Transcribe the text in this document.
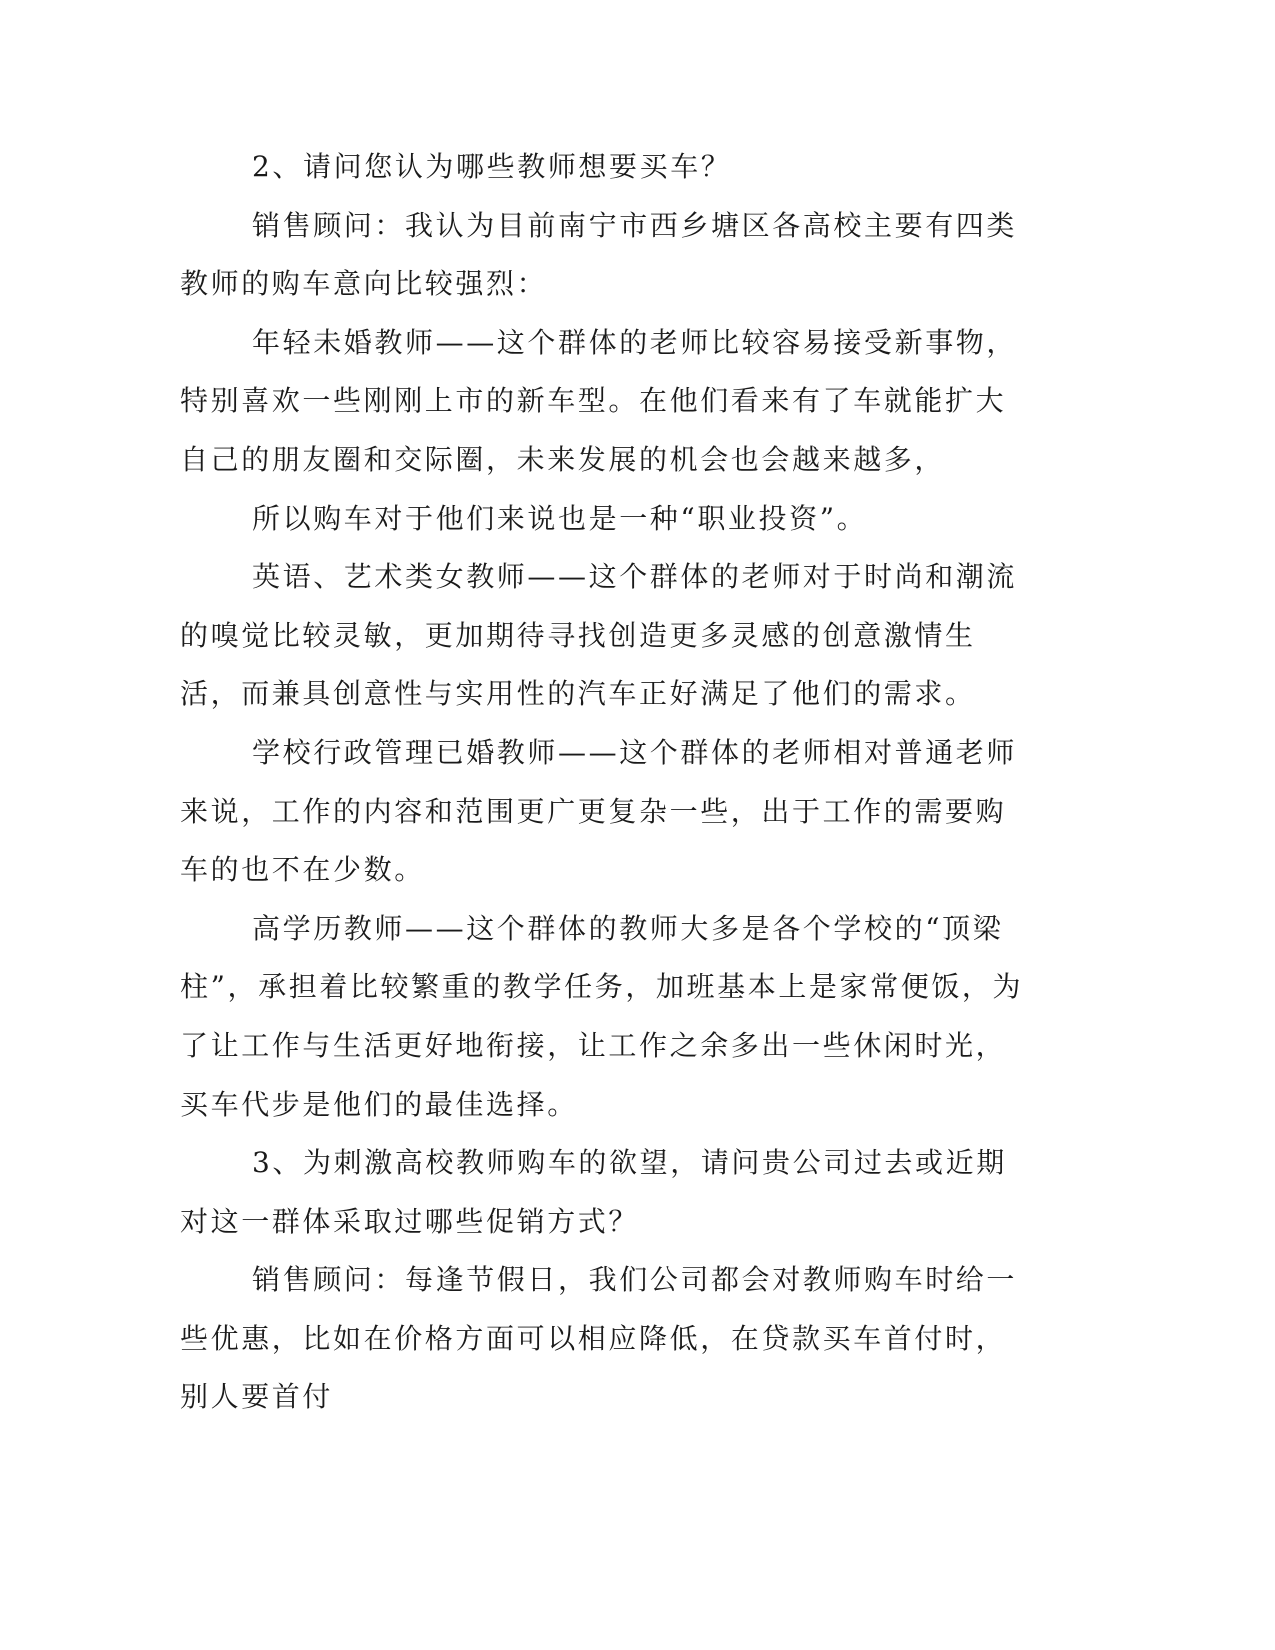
2、请问您认为哪些教师想要买车？

销售顾问：我认为目前南宁市西乡塘区各高校主要有四类教师的购车意向比较强烈：

年轻未婚教师——这个群体的老师比较容易接受新事物，特别喜欢一些刚刚上市的新车型。在他们看来有了车就能扩大自己的朋友圈和交际圈，未来发展的机会也会越来越多，

所以购车对于他们来说也是一种“职业投资”。

英语、艺术类女教师——这个群体的老师对于时尚和潮流的嗅觉比较灵敏，更加期待寻找创造更多灵感的创意激情生活，而兼具创意性与实用性的汽车正好满足了他们的需求。

学校行政管理已婚教师——这个群体的老师相对普通老师来说，工作的内容和范围更广更复杂一些，出于工作的需要购车的也不在少数。

高学历教师——这个群体的教师大多是各个学校的“顶梁柱”，承担着比较繁重的教学任务，加班基本上是家常便饭，为了让工作与生活更好地衔接，让工作之余多出一些休闲时光，买车代步是他们的最佳选择。

3、为刺激高校教师购车的欲望，请问贵公司过去或近期对这一群体采取过哪些促销方式？

销售顾问：每逢节假日，我们公司都会对教师购车时给一些优惠，比如在价格方面可以相应降低，在贷款买车首付时，别人要首付
